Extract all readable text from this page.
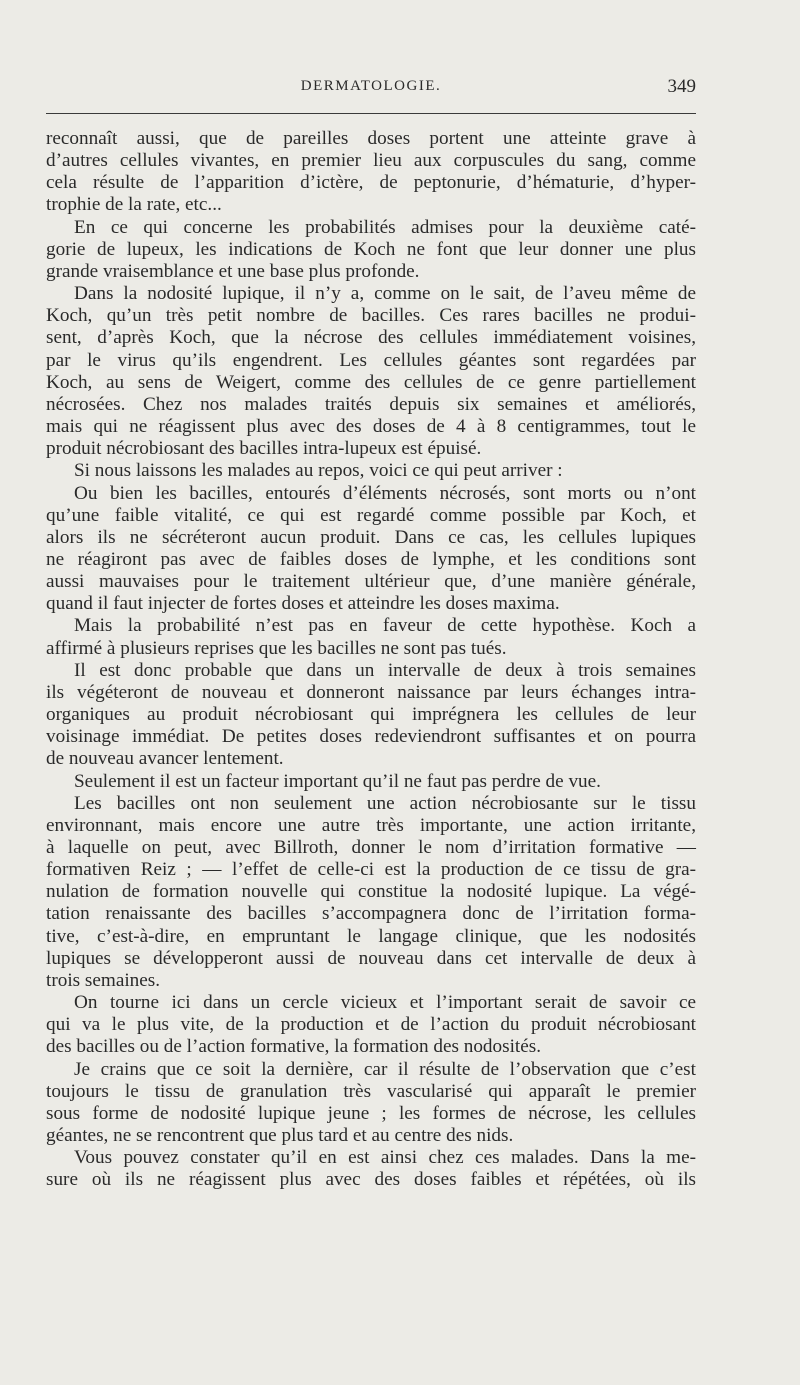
DERMATOLOGIE.	349
reconnaît aussi, que de pareilles doses portent une atteinte grave à
d’autres cellules vivantes, en premier lieu aux corpuscules du sang, comme
cela résulte de l’apparition d’ictère, de peptonurie, d’hématurie, d’hyper-
trophie de la rate, etc...
En ce qui concerne les probabilités admises pour la deuxième caté-
gorie de lupeux, les indications de Koch ne font que leur donner une plus
grande vraisemblance et une base plus profonde.
Dans la nodosité lupique, il n’y a, comme on le sait, de l’aveu même de
Koch, qu’un très petit nombre de bacilles. Ces rares bacilles ne produi-
sent, d’après Koch, que la nécrose des cellules immédiatement voisines,
par le virus qu’ils engendrent. Les cellules géantes sont regardées par
Koch, au sens de Weigert, comme des cellules de ce genre partiellement
nécrosées. Chez nos malades traités depuis six semaines et améliorés,
mais qui ne réagissent plus avec des doses de 4 à 8 centigrammes, tout le
produit nécrobiosant des bacilles intra-lupeux est épuisé.
Si nous laissons les malades au repos, voici ce qui peut arriver :
Ou bien les bacilles, entourés d’éléments nécrosés, sont morts ou n’ont
qu’une faible vitalité, ce qui est regardé comme possible par Koch, et
alors ils ne sécréteront aucun produit. Dans ce cas, les cellules lupiques
ne réagiront pas avec de faibles doses de lymphe, et les conditions sont
aussi mauvaises pour le traitement ultérieur que, d’une manière générale,
quand il faut injecter de fortes doses et atteindre les doses maxima.
Mais la probabilité n’est pas en faveur de cette hypothèse. Koch a
affirmé à plusieurs reprises que les bacilles ne sont pas tués.
Il est donc probable que dans un intervalle de deux à trois semaines
ils végéteront de nouveau et donneront naissance par leurs échanges intra-
organiques au produit nécrobiosant qui imprégnera les cellules de leur
voisinage immédiat. De petites doses redeviendront suffisantes et on pourra
de nouveau avancer lentement.
Seulement il est un facteur important qu’il ne faut pas perdre de vue.
Les bacilles ont non seulement une action nécrobiosante sur le tissu
environnant, mais encore une autre très importante, une action irritante,
à laquelle on peut, avec Billroth, donner le nom d’irritation formative —
formativen Reiz ; — l’effet de celle-ci est la production de ce tissu de gra-
nulation de formation nouvelle qui constitue la nodosité lupique. La végé-
tation renaissante des bacilles s’accompagnera donc de l’irritation forma-
tive, c’est-à-dire, en empruntant le langage clinique, que les nodosités
lupiques se développeront aussi de nouveau dans cet intervalle de deux à
trois semaines.
On tourne ici dans un cercle vicieux et l’important serait de savoir ce
qui va le plus vite, de la production et de l’action du produit nécrobiosant
des bacilles ou de l’action formative, la formation des nodosités.
Je crains que ce soit la dernière, car il résulte de l’observation que c’est
toujours le tissu de granulation très vascularisé qui apparaît le premier
sous forme de nodosité lupique jeune ; les formes de nécrose, les cellules
géantes, ne se rencontrent que plus tard et au centre des nids.
Vous pouvez constater qu’il en est ainsi chez ces malades. Dans la me-
sure où ils ne réagissent plus avec des doses faibles et répétées, où ils
